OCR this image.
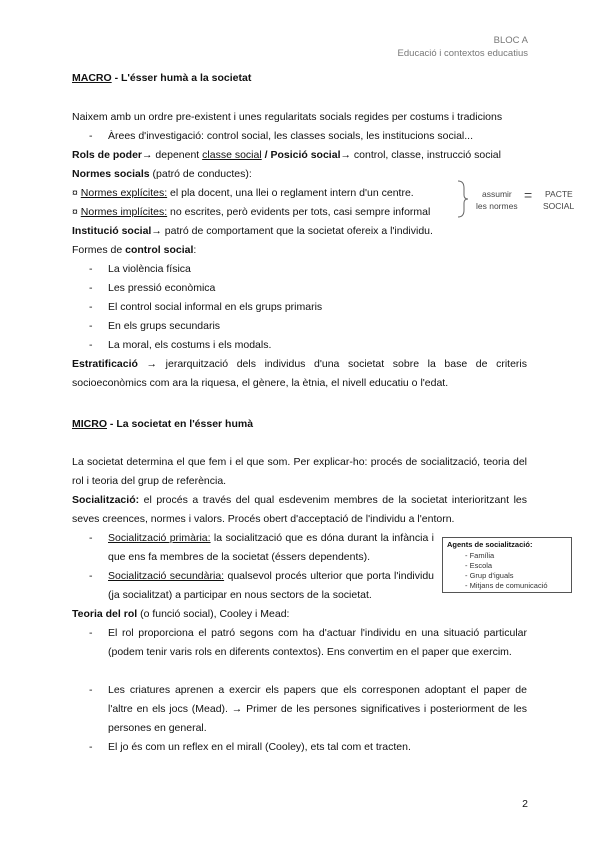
BLOC A
Educació i contextos educatius
MACRO - L'ésser humà a la societat
Naixem amb un ordre pre-existent i unes regularitats socials regides per costums i tradicions
- Àrees d'investigació: control social, les classes socials, les institucions social...
Rols de poder→ depenent classe social / Posició social→ control, classe, instrucció social
Normes socials (patró de conductes):
¤ Normes explícites: el pla docent, una llei o reglament intern d'un centre.
¤ Normes implícites: no escrites, però evidents per tots, casi sempre informal
assumir
les normes
= PACTE
SOCIAL
Institució social→ patró de comportament que la societat ofereix a l'individu.
Formes de control social:
- La violència física
- Les pressió econòmica
- El control social informal en els grups primaris
- En els grups secundaris
- La moral, els costums i els modals.
Estratificació → jerarquització dels individus d'una societat sobre la base de criteris socioeconòmics com ara la riquesa, el gènere, la ètnia, el nivell educatiu o l'edat.
MICRO - La societat en l'ésser humà
La societat determina el que fem i el que som. Per explicar-ho: procés de socialització, teoria del rol i teoria del grup de referència.
Socialització: el procés a través del qual esdevenim membres de la societat interioritzant les seves creences, normes i valors. Procés obert d'acceptació de l'individu a l'entorn.
- Socialització primària: la socialització que es dóna durant la infància i que ens fa membres de la societat (éssers dependents).
- Socialització secundària: qualsevol procés ulterior que porta l'individu (ja socialitzat) a participar en nous sectors de la societat.
Agents de socialització:
- Família
- Escola
- Grup d'iguals
- Mitjans de comunicació
Teoria del rol (o funció social), Cooley i Mead:
- El rol proporciona el patró segons com ha d'actuar l'individu en una situació particular (podem tenir varis rols en diferents contextos). Ens convertim en el paper que exercim.
- Les criatures aprenen a exercir els papers que els corresponen adoptant el paper de l'altre en els jocs (Mead). → Primer de les persones significatives i posteriorment de les persones en general.
- El jo és com un reflex en el mirall (Cooley), ets tal com et tracten.
2
